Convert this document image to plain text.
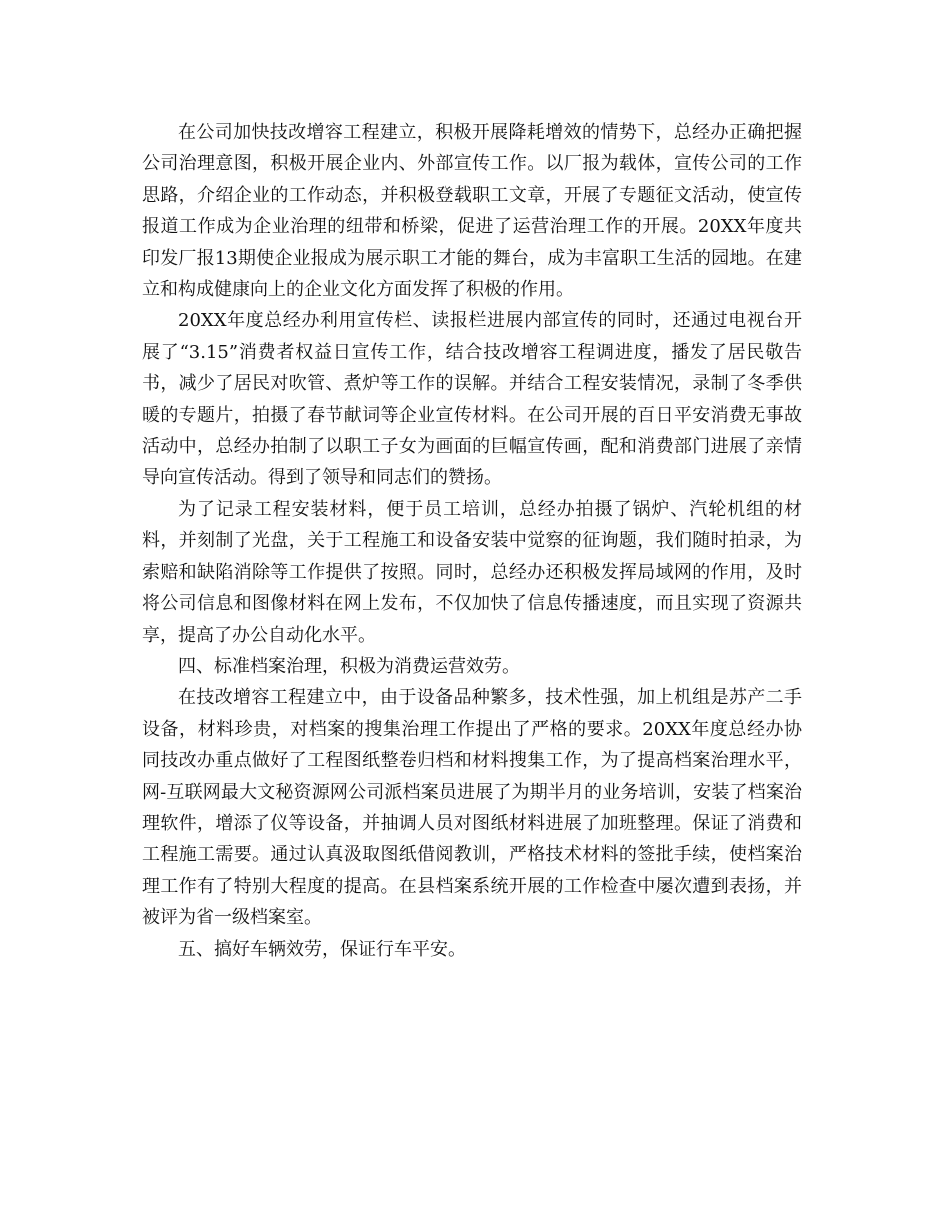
在公司加快技改增容工程建立，积极开展降耗增效的情势下，总经办正确把握公司治理意图，积极开展企业内、外部宣传工作。以厂报为载体，宣传公司的工作思路，介绍企业的工作动态，并积极登载职工文章，开展了专题征文活动，使宣传报道工作成为企业治理的纽带和桥梁，促进了运营治理工作的开展。20XX年度共印发厂报13期使企业报成为展示职工才能的舞台，成为丰富职工生活的园地。在建立和构成健康向上的企业文化方面发挥了积极的作用。

20XX年度总经办利用宣传栏、读报栏进展内部宣传的同时，还通过电视台开展了“3.15”消费者权益日宣传工作，结合技改增容工程调进度，播发了居民敬告书，减少了居民对吹管、煮炉等工作的误解。并结合工程安装情况，录制了冬季供暖的专题片，拍摄了春节献词等企业宣传材料。在公司开展的百日平安消费无事故活动中，总经办拍制了以职工子女为画面的巨幅宣传画，配和消费部门进展了亲情导向宣传活动。得到了领导和同志们的赞扬。

为了记录工程安装材料，便于员工培训，总经办拍摄了锅炉、汽轮机组的材料，并刻制了光盘，关于工程施工和设备安装中觉察的征询题，我们随时拍录，为索赔和缺陷消除等工作提供了按照。同时，总经办还积极发挥局域网的作用，及时将公司信息和图像材料在网上发布，不仅加快了信息传播速度，而且实现了资源共享，提高了办公自动化水平。

四、标准档案治理，积极为消费运营效劳。

在技改增容工程建立中，由于设备品种繁多，技术性强，加上机组是苏产二手设备，材料珍贵，对档案的搜集治理工作提出了严格的要求。20XX年度总经办协同技改办重点做好了工程图纸整卷归档和材料搜集工作，为了提高档案治理水平，网-互联网最大文秘资源网公司派档案员进展了为期半月的业务培训，安装了档案治理软件，增添了仪等设备，并抽调人员对图纸材料进展了加班整理。保证了消费和工程施工需要。通过认真汲取图纸借阅教训，严格技术材料的签批手续，使档案治理工作有了特别大程度的提高。在县档案系统开展的工作检查中屡次遭到表扬，并被评为省一级档案室。

五、搞好车辆效劳，保证行车平安。
